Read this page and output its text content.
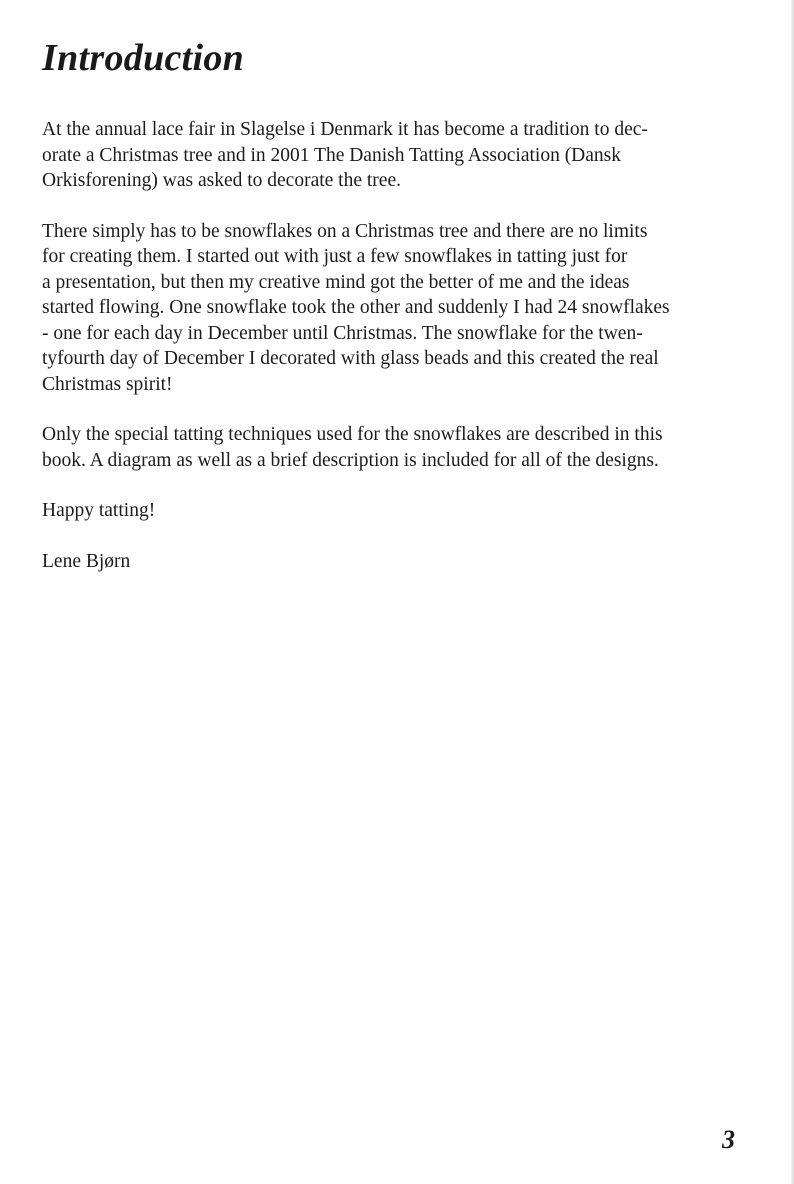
Introduction

At the annual lace fair in Slagelse i Denmark it has become a tradition to dec-
orate a Christmas tree and in 2001 The Danish Tatting Association (Dansk
Orkisforening) was asked to decorate the tree.

There simply has to be snowflakes on a Christmas tree and there are no limits
for creating them. I started out with just a few snowflakes in tatting just for
a presentation, but then my creative mind got the better of me and the ideas
started flowing. One snowflake took the other and suddenly I had 24 snowflakes
- one for each day in December until Christmas. The snowflake for the twen-
tyfourth day of December I decorated with glass beads and this created the real
Christmas spirit!

Only the special tatting techniques used for the snowflakes are described in this
book. A diagram as well as a brief description is included for all of the designs.

Happy tatting!

Lene Bjørn

3
